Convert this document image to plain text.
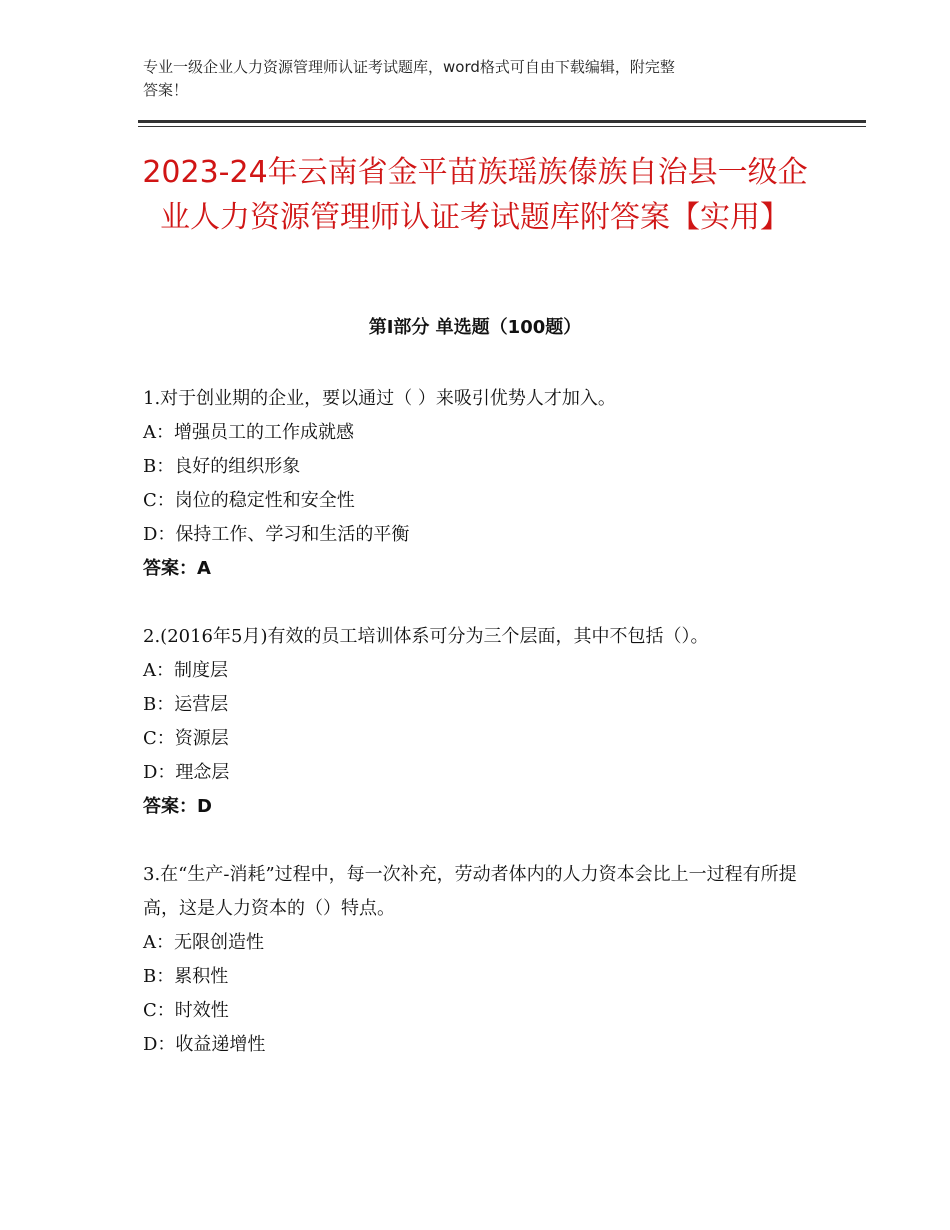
专业一级企业人力资源管理师认证考试题库，word格式可自由下载编辑，附完整
答案！
2023-24年云南省金平苗族瑶族傣族自治县一级企业人力资源管理师认证考试题库附答案【实用】
第I部分 单选题（100题）

1.对于创业期的企业，要以通过（ ）来吸引优势人才加入。

A：增强员工的工作成就感

B：良好的组织形象

C：岗位的稳定性和安全性

D：保持工作、学习和生活的平衡

答案：A

2.(2016年5月)有效的员工培训体系可分为三个层面，其中不包括（）。

A：制度层

B：运营层

C：资源层

D：理念层

答案：D

3.在“生产-消耗”过程中，每一次补充，劳动者体内的人力资本会比上一过程有所提高，这是人力资本的（）特点。

A：无限创造性

B：累积性

C：时效性

D：收益递增性
